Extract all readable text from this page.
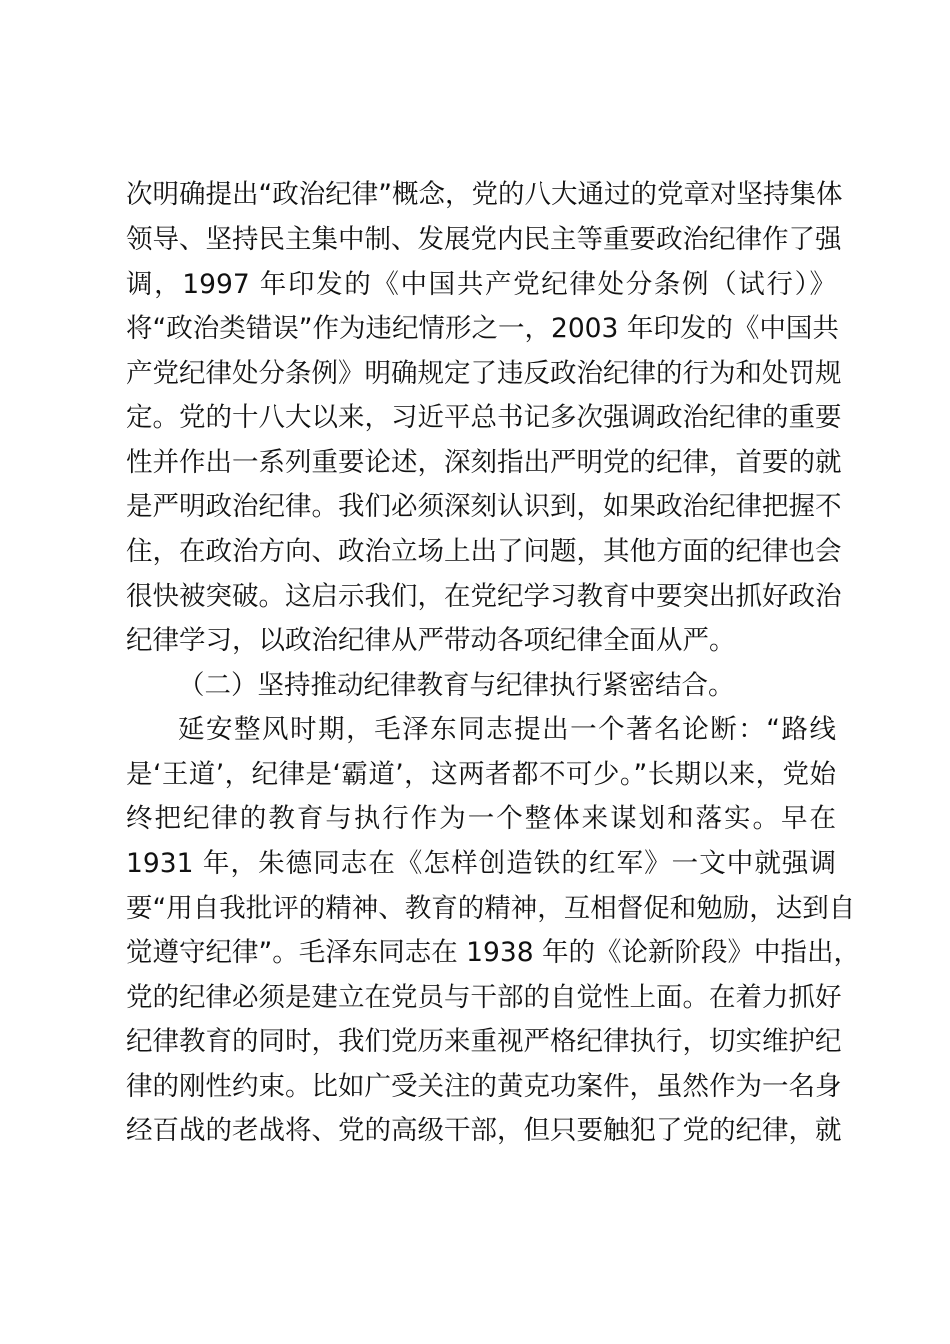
次明确提出“政治纪律”概念，党的八大通过的党章对坚持集体
领导、坚持民主集中制、发展党内民主等重要政治纪律作了强
调，1997 年印发的《中国共产党纪律处分条例（试行）》
将“政治类错误”作为违纪情形之一，2003 年印发的《中国共
产党纪律处分条例》明确规定了违反政治纪律的行为和处罚规
定。党的十八大以来，习近平总书记多次强调政治纪律的重要
性并作出一系列重要论述，深刻指出严明党的纪律，首要的就
是严明政治纪律。我们必须深刻认识到，如果政治纪律把握不
住，在政治方向、政治立场上出了问题，其他方面的纪律也会
很快被突破。这启示我们，在党纪学习教育中要突出抓好政治
纪律学习，以政治纪律从严带动各项纪律全面从严。
（二）坚持推动纪律教育与纪律执行紧密结合。
延安整风时期，毛泽东同志提出一个著名论断：“路线
是‘王道’，纪律是‘霸道’，这两者都不可少。”长期以来，党始
终把纪律的教育与执行作为一个整体来谋划和落实。早在
1931 年，朱德同志在《怎样创造铁的红军》一文中就强调
要“用自我批评的精神、教育的精神，互相督促和勉励，达到自
觉遵守纪律”。毛泽东同志在 1938 年的《论新阶段》中指出，
党的纪律必须是建立在党员与干部的自觉性上面。在着力抓好
纪律教育的同时，我们党历来重视严格纪律执行，切实维护纪
律的刚性约束。比如广受关注的黄克功案件，虽然作为一名身
经百战的老战将、党的高级干部，但只要触犯了党的纪律，就
